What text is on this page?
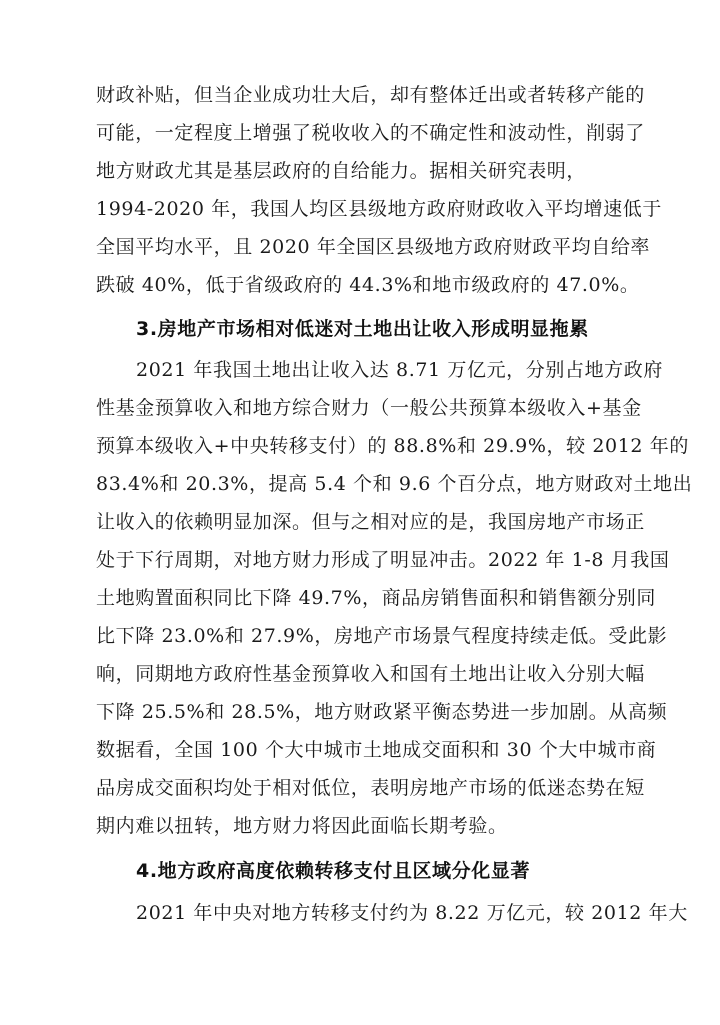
财政补贴，但当企业成功壮大后，却有整体迁出或者转移产能的
可能，一定程度上增强了税收收入的不确定性和波动性，削弱了
地方财政尤其是基层政府的自给能力。据相关研究表明，
1994-2020 年，我国人均区县级地方政府财政收入平均增速低于
全国平均水平，且 2020 年全国区县级地方政府财政平均自给率
跌破 40%，低于省级政府的 44.3%和地市级政府的 47.0%。
3.房地产市场相对低迷对土地出让收入形成明显拖累
2021 年我国土地出让收入达 8.71 万亿元，分别占地方政府
性基金预算收入和地方综合财力（一般公共预算本级收入+基金
预算本级收入+中央转移支付）的 88.8%和 29.9%，较 2012 年的
83.4%和 20.3%，提高 5.4 个和 9.6 个百分点，地方财政对土地出
让收入的依赖明显加深。但与之相对应的是，我国房地产市场正
处于下行周期，对地方财力形成了明显冲击。2022 年 1-8 月我国
土地购置面积同比下降 49.7%，商品房销售面积和销售额分别同
比下降 23.0%和 27.9%，房地产市场景气程度持续走低。受此影
响，同期地方政府性基金预算收入和国有土地出让收入分别大幅
下降 25.5%和 28.5%，地方财政紧平衡态势进一步加剧。从高频
数据看，全国 100 个大中城市土地成交面积和 30 个大中城市商
品房成交面积均处于相对低位，表明房地产市场的低迷态势在短
期内难以扭转，地方财力将因此面临长期考验。
4.地方政府高度依赖转移支付且区域分化显著
2021 年中央对地方转移支付约为 8.22 万亿元，较 2012 年大
